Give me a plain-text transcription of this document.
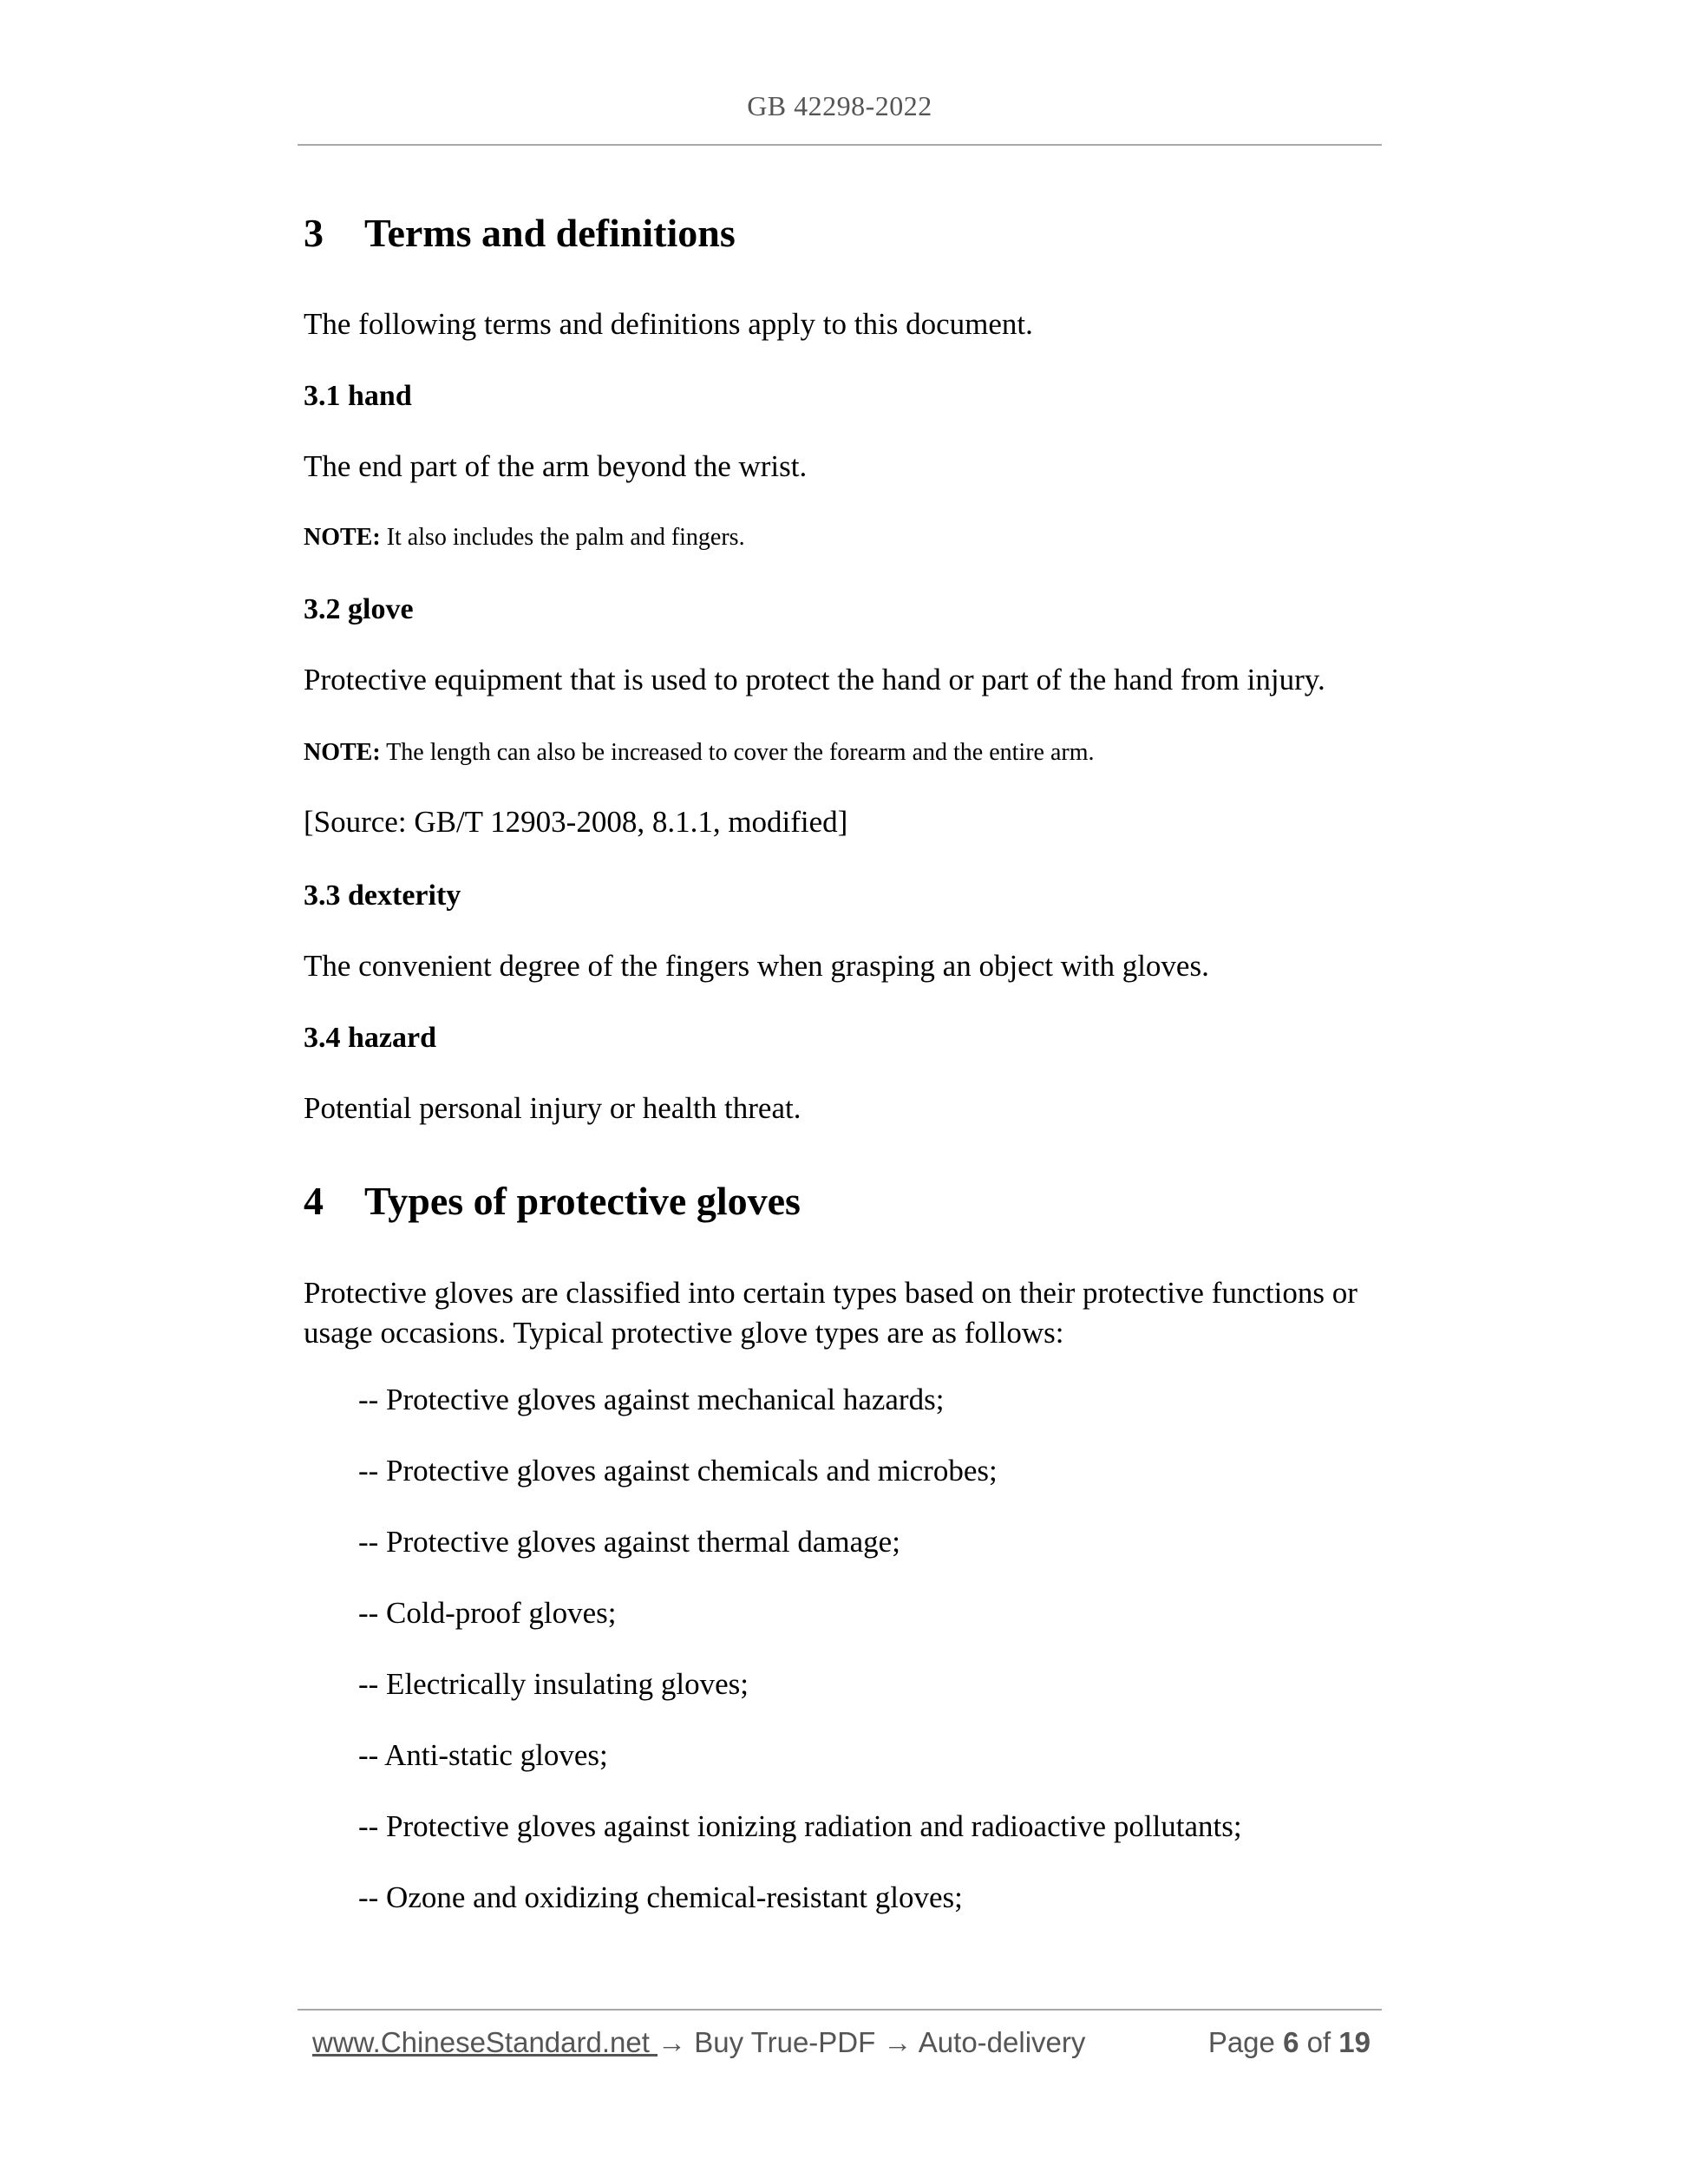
GB 42298-2022
3 Terms and definitions
The following terms and definitions apply to this document.
3.1 hand
The end part of the arm beyond the wrist.
NOTE: It also includes the palm and fingers.
3.2 glove
Protective equipment that is used to protect the hand or part of the hand from injury.
NOTE: The length can also be increased to cover the forearm and the entire arm.
[Source: GB/T 12903-2008, 8.1.1, modified]
3.3 dexterity
The convenient degree of the fingers when grasping an object with gloves.
3.4 hazard
Potential personal injury or health threat.
4 Types of protective gloves
Protective gloves are classified into certain types based on their protective functions or usage occasions. Typical protective glove types are as follows:
-- Protective gloves against mechanical hazards;
-- Protective gloves against chemicals and microbes;
-- Protective gloves against thermal damage;
-- Cold-proof gloves;
-- Electrically insulating gloves;
-- Anti-static gloves;
-- Protective gloves against ionizing radiation and radioactive pollutants;
-- Ozone and oxidizing chemical-resistant gloves;
www.ChineseStandard.net → Buy True-PDF → Auto-delivery	Page 6 of 19
